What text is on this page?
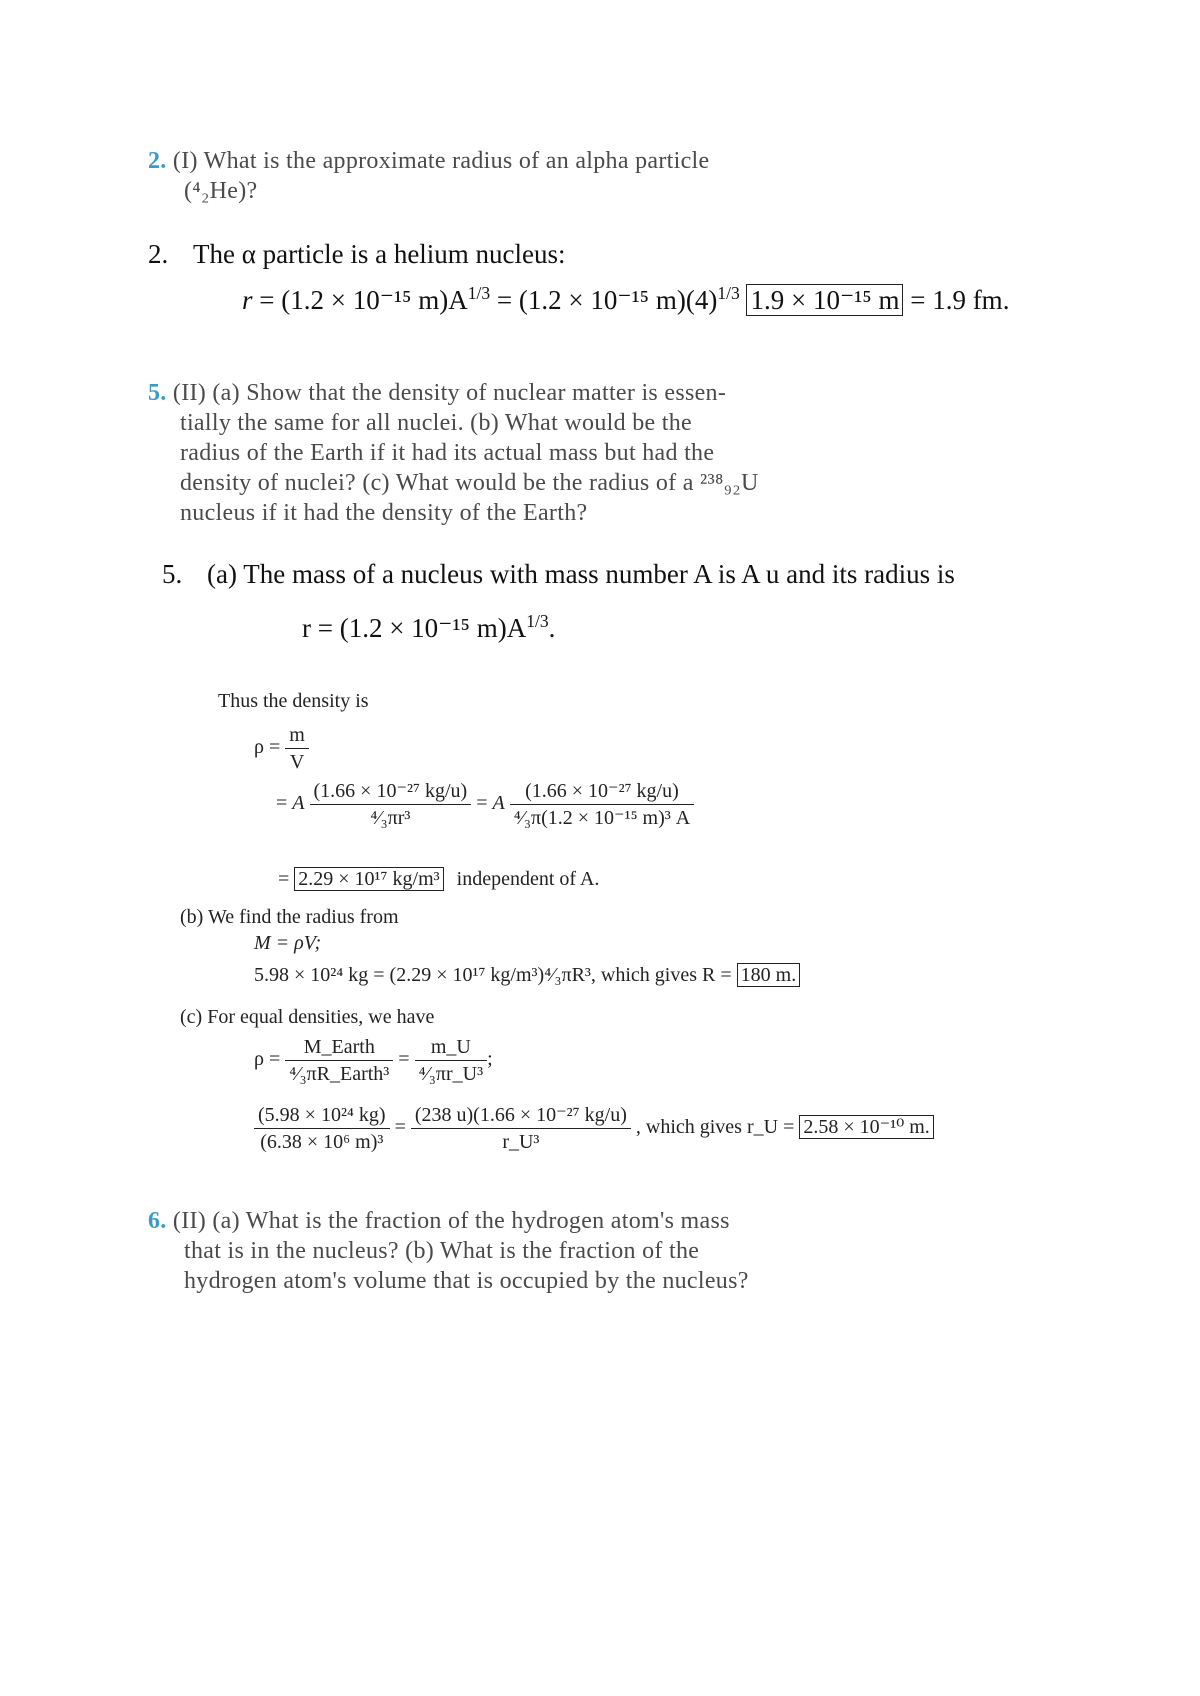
2. (I) What is the approximate radius of an alpha particle
(⁴₂He)?
2. The α particle is a helium nucleus:
r = (1.2 × 10⁻¹⁵ $m)A^{1/3} = (1.2 \times 10^{-15}$ $m)(4)^{1/3}$ 1.9 × 10⁻¹⁵ m = 1.9 fm.
5. (II) (a) Show that the density of nuclear matter is essen-
tially the same for all nuclei. (b) What would be the
radius of the Earth if it had its actual mass but had the
density of nuclei? (c) What would be the radius of a ²³⁸₉₂U
nucleus if it had the density of the Earth?
5. (a) The mass of a nucleus with mass number A is A u and its radius is
r = (1.2 × 10⁻¹⁵ $m)A^{1/3}$.
Thus the density is
$\rho = \frac{m}{V}$
= A $\frac{\text{(1.66 × 10⁻²⁷ kg/u)}}{\text{⁴⁄₃πr³}} = A \frac{\text{(1.66 × 10⁻²⁷ kg/u)}}{\text{⁴⁄₃π(1.2 × 10⁻¹⁵ m)³ A}}$
= 2.29 × 10¹⁷ kg/m³ independent of A.
(b) We find the radius from
M = ρV;
5.98 × 10²⁴ kg = (2.29 × 10¹⁷ kg/m³)⁴⁄₃πR³, which gives R = 180 m.
(c) For equal densities, we have
$\rho = \frac{\text{M\_Earth}}{\text{⁴⁄₃πR\_Earth³}} = \frac{m\_U}{\text{⁴⁄₃πr\_U³}}$ ;
$\frac{\text{(5.98 × 10²⁴ kg)}}{\text{(6.38 × 10⁶ m)³}} = \frac{\text{(238 u)(1.66 × 10⁻²⁷ kg/u)}}{\text{r\_U³}}$ , which gives r_U = 2.58 × 10⁻¹⁰ m.
6. (II) (a) What is the fraction of the hydrogen atom's mass
that is in the nucleus? (b) What is the fraction of the
hydrogen atom's volume that is occupied by the nucleus?
